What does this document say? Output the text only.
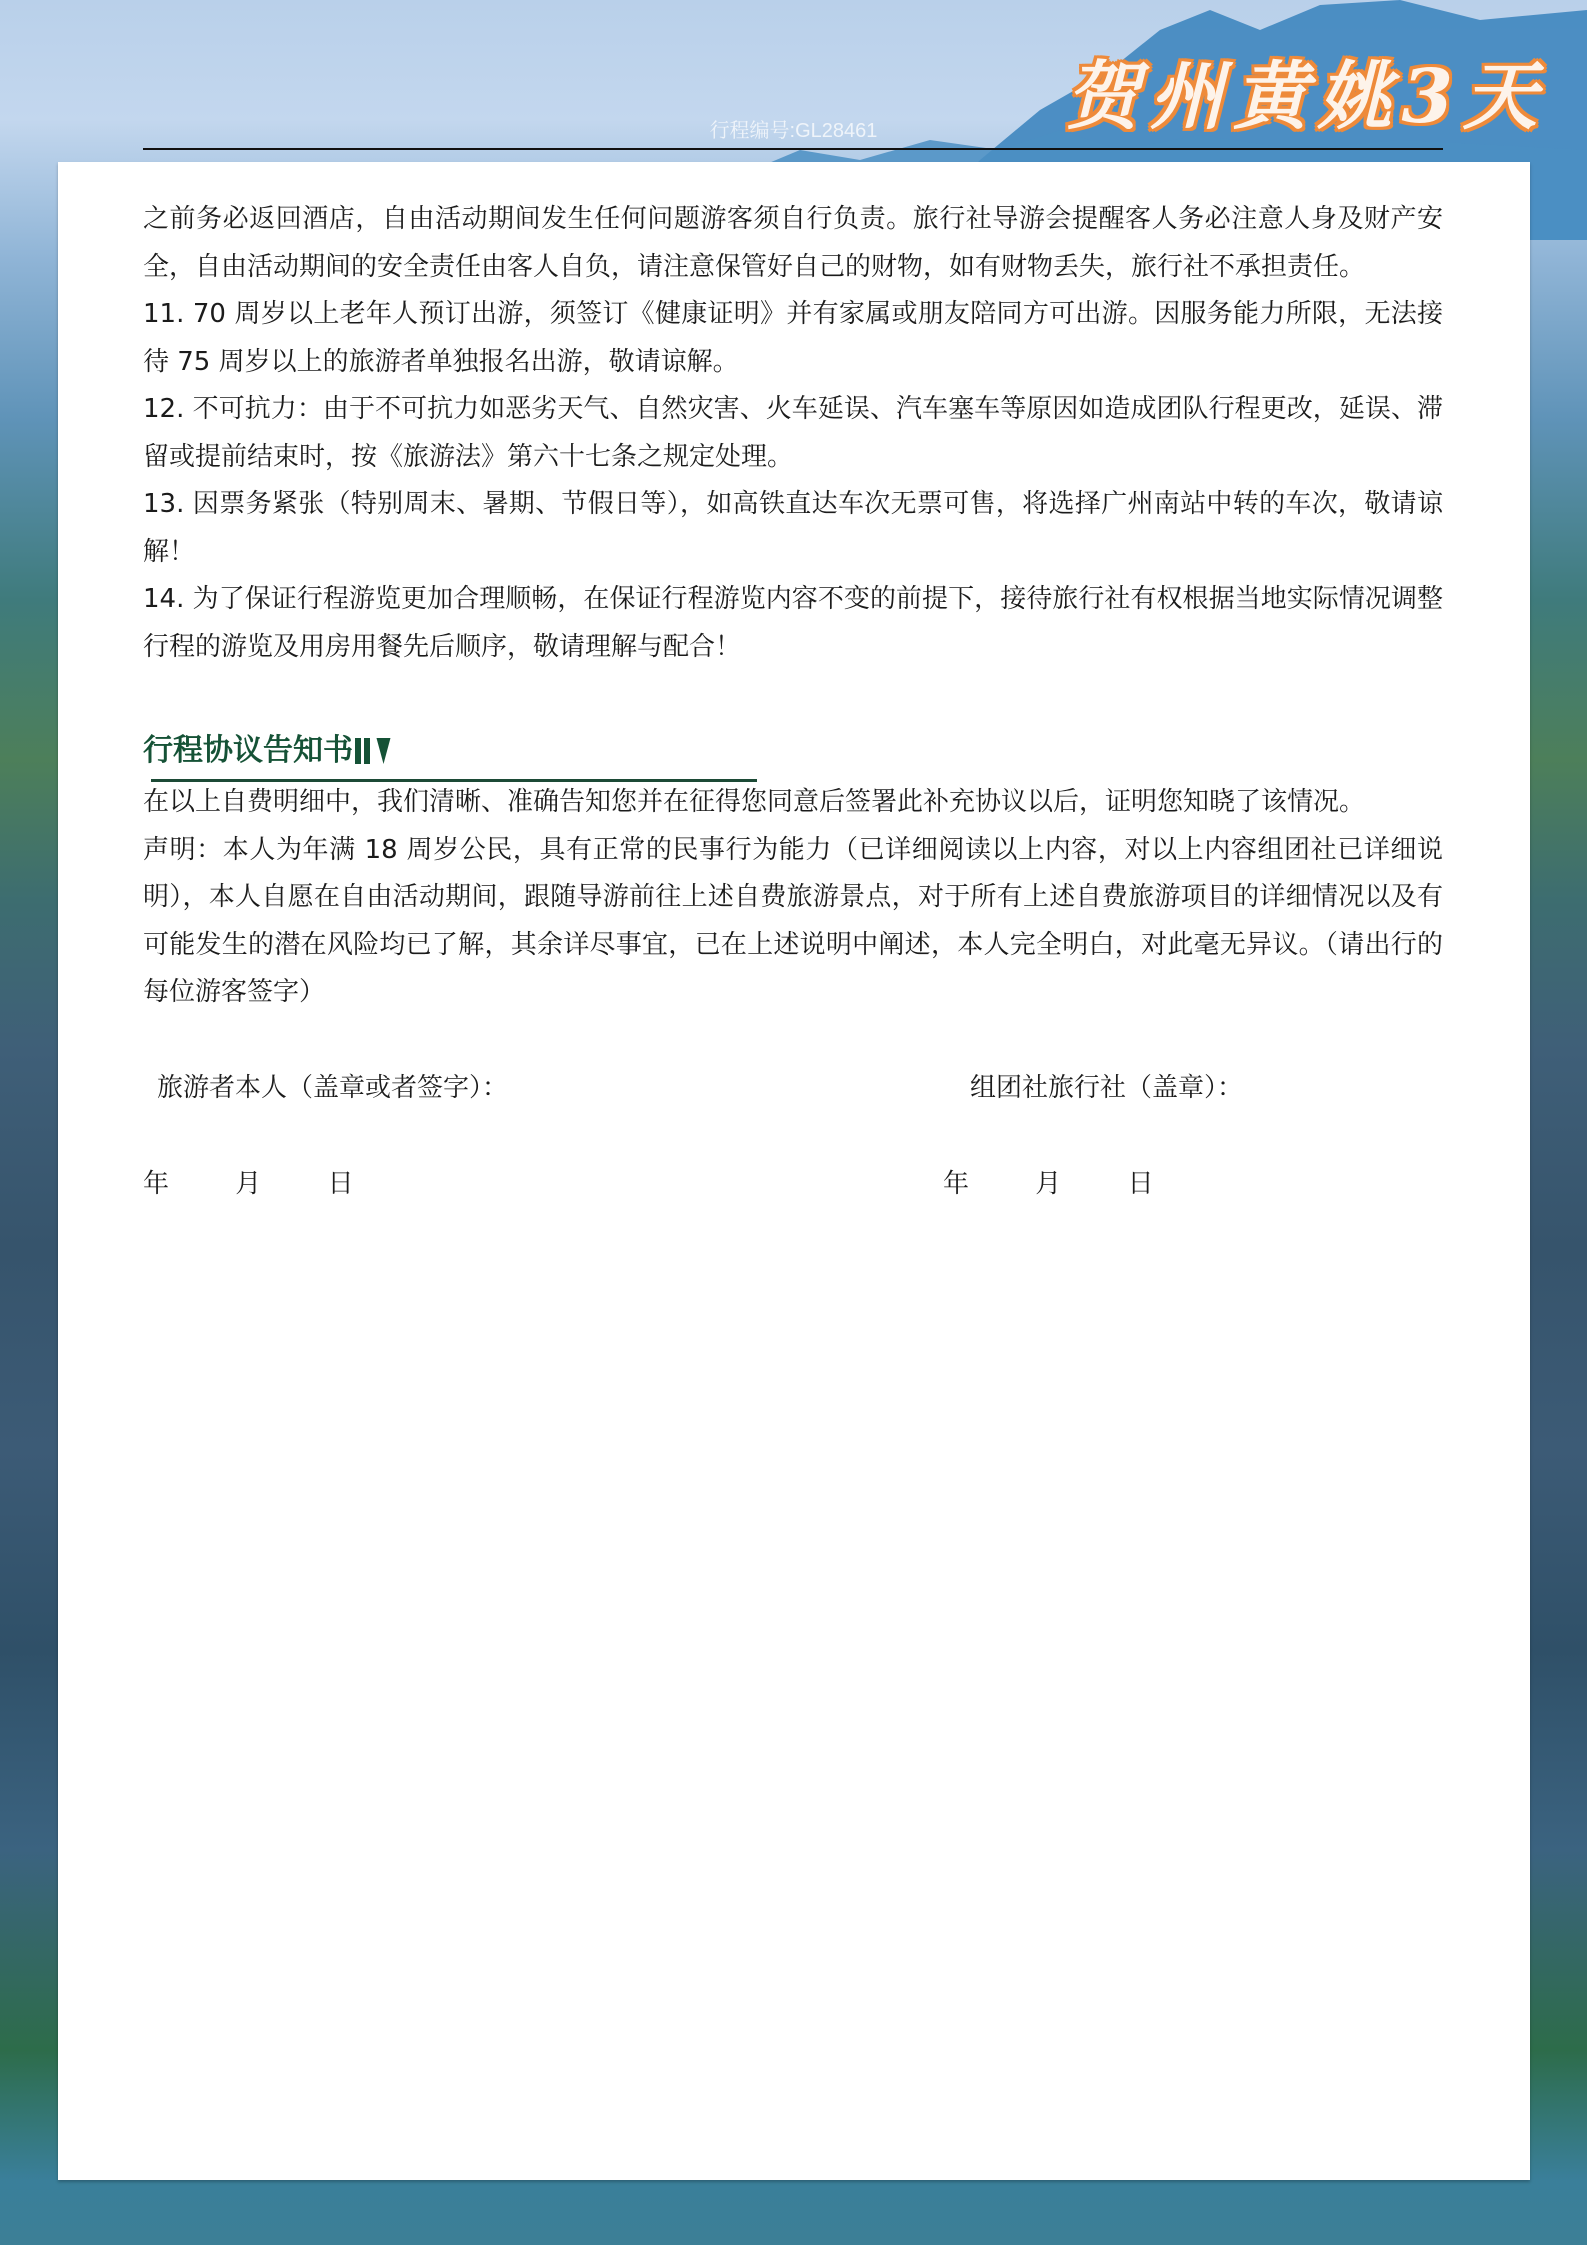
贺州黄姚3天
行程编号:GL28461

之前务必返回酒店，自由活动期间发生任何问题游客须自行负责。旅行社导游会提醒客人务必注意人身及财产安全，自由活动期间的安全责任由客人自负，请注意保管好自己的财物，如有财物丢失，旅行社不承担责任。

11. 70 周岁以上老年人预订出游，须签订《健康证明》并有家属或朋友陪同方可出游。因服务能力所限，无法接待 75 周岁以上的旅游者单独报名出游，敬请谅解。

12. 不可抗力：由于不可抗力如恶劣天气、自然灾害、火车延误、汽车塞车等原因如造成团队行程更改，延误、滞留或提前结束时，按《旅游法》第六十七条之规定处理。

13. 因票务紧张（特别周末、暑期、节假日等），如高铁直达车次无票可售，将选择广州南站中转的车次，敬请谅解！

14. 为了保证行程游览更加合理顺畅，在保证行程游览内容不变的前提下，接待旅行社有权根据当地实际情况调整行程的游览及用房用餐先后顺序，敬请理解与配合！

行程协议告知书

在以上自费明细中，我们清晰、准确告知您并在征得您同意后签署此补充协议以后，证明您知晓了该情况。

声明：本人为年满 18 周岁公民，具有正常的民事行为能力（已详细阅读以上内容，对以上内容组团社已详细说明），本人自愿在自由活动期间，跟随导游前往上述自费旅游景点，对于所有上述自费旅游项目的详细情况以及有可能发生的潜在风险均已了解，其余详尽事宜，已在上述说明中阐述，本人完全明白，对此毫无异议。（请出行的每位游客签字）

旅游者本人（盖章或者签字）：	组团社旅行社（盖章）：
年	月	日	年	月	日
